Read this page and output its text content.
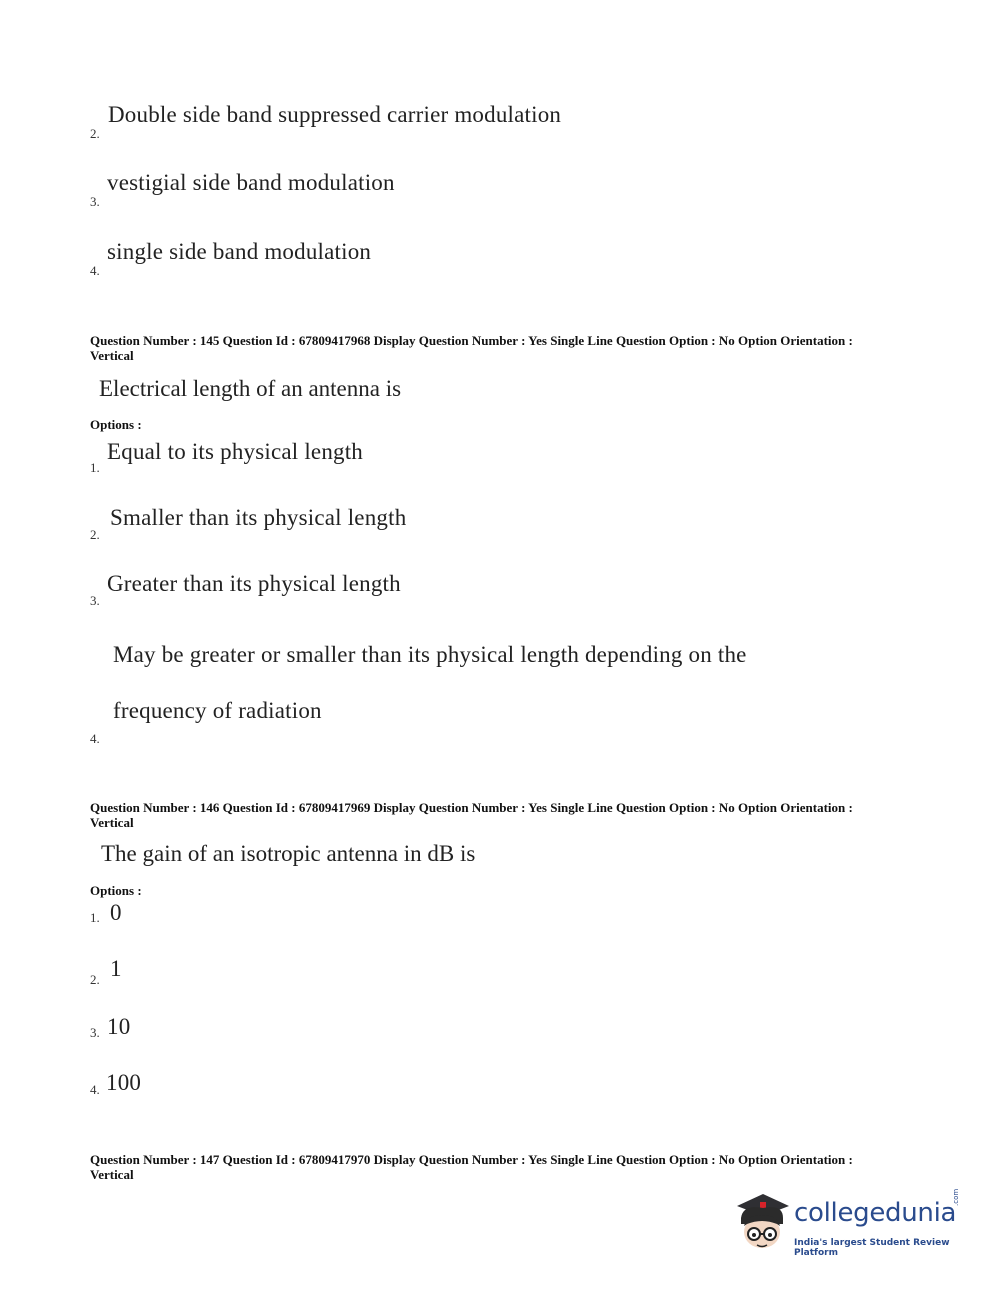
2.
Double side band suppressed carrier modulation
3.
vestigial side band modulation
4.
single side band modulation
Question Number : 145 Question Id : 67809417968 Display Question Number : Yes Single Line Question Option : No Option Orientation : Vertical
Electrical length of an antenna is
Options :
1.
Equal to its physical length
2.
Smaller than its physical length
3.
Greater than its physical length
May be greater or smaller than its physical length depending on the
frequency of radiation
4.
Question Number : 146 Question Id : 67809417969 Display Question Number : Yes Single Line Question Option : No Option Orientation : Vertical
The gain of an isotropic antenna in dB is
Options :
1. 0
2. 1
3. 10
4. 100
Question Number : 147 Question Id : 67809417970 Display Question Number : Yes Single Line Question Option : No Option Orientation : Vertical
collegedunia
.com
India's largest Student Review Platform
